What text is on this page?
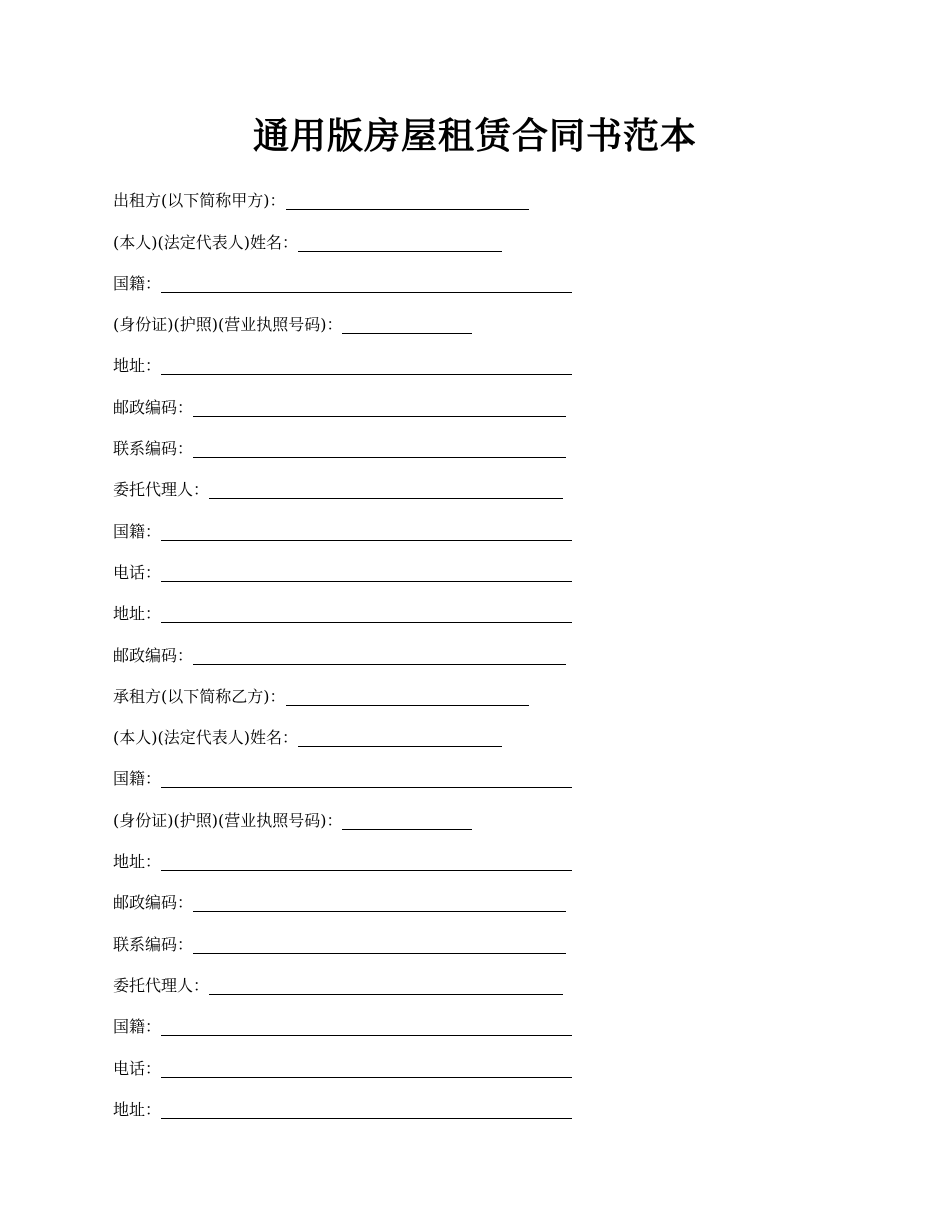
通用版房屋租赁合同书范本
出租方(以下简称甲方)：
(本人)(法定代表人)姓名：
国籍：
(身份证)(护照)(营业执照号码)：
地址：
邮政编码：
联系编码：
委托代理人：
国籍：
电话：
地址：
邮政编码：
承租方(以下简称乙方)：
(本人)(法定代表人)姓名：
国籍：
(身份证)(护照)(营业执照号码)：
地址：
邮政编码：
联系编码：
委托代理人：
国籍：
电话：
地址：
